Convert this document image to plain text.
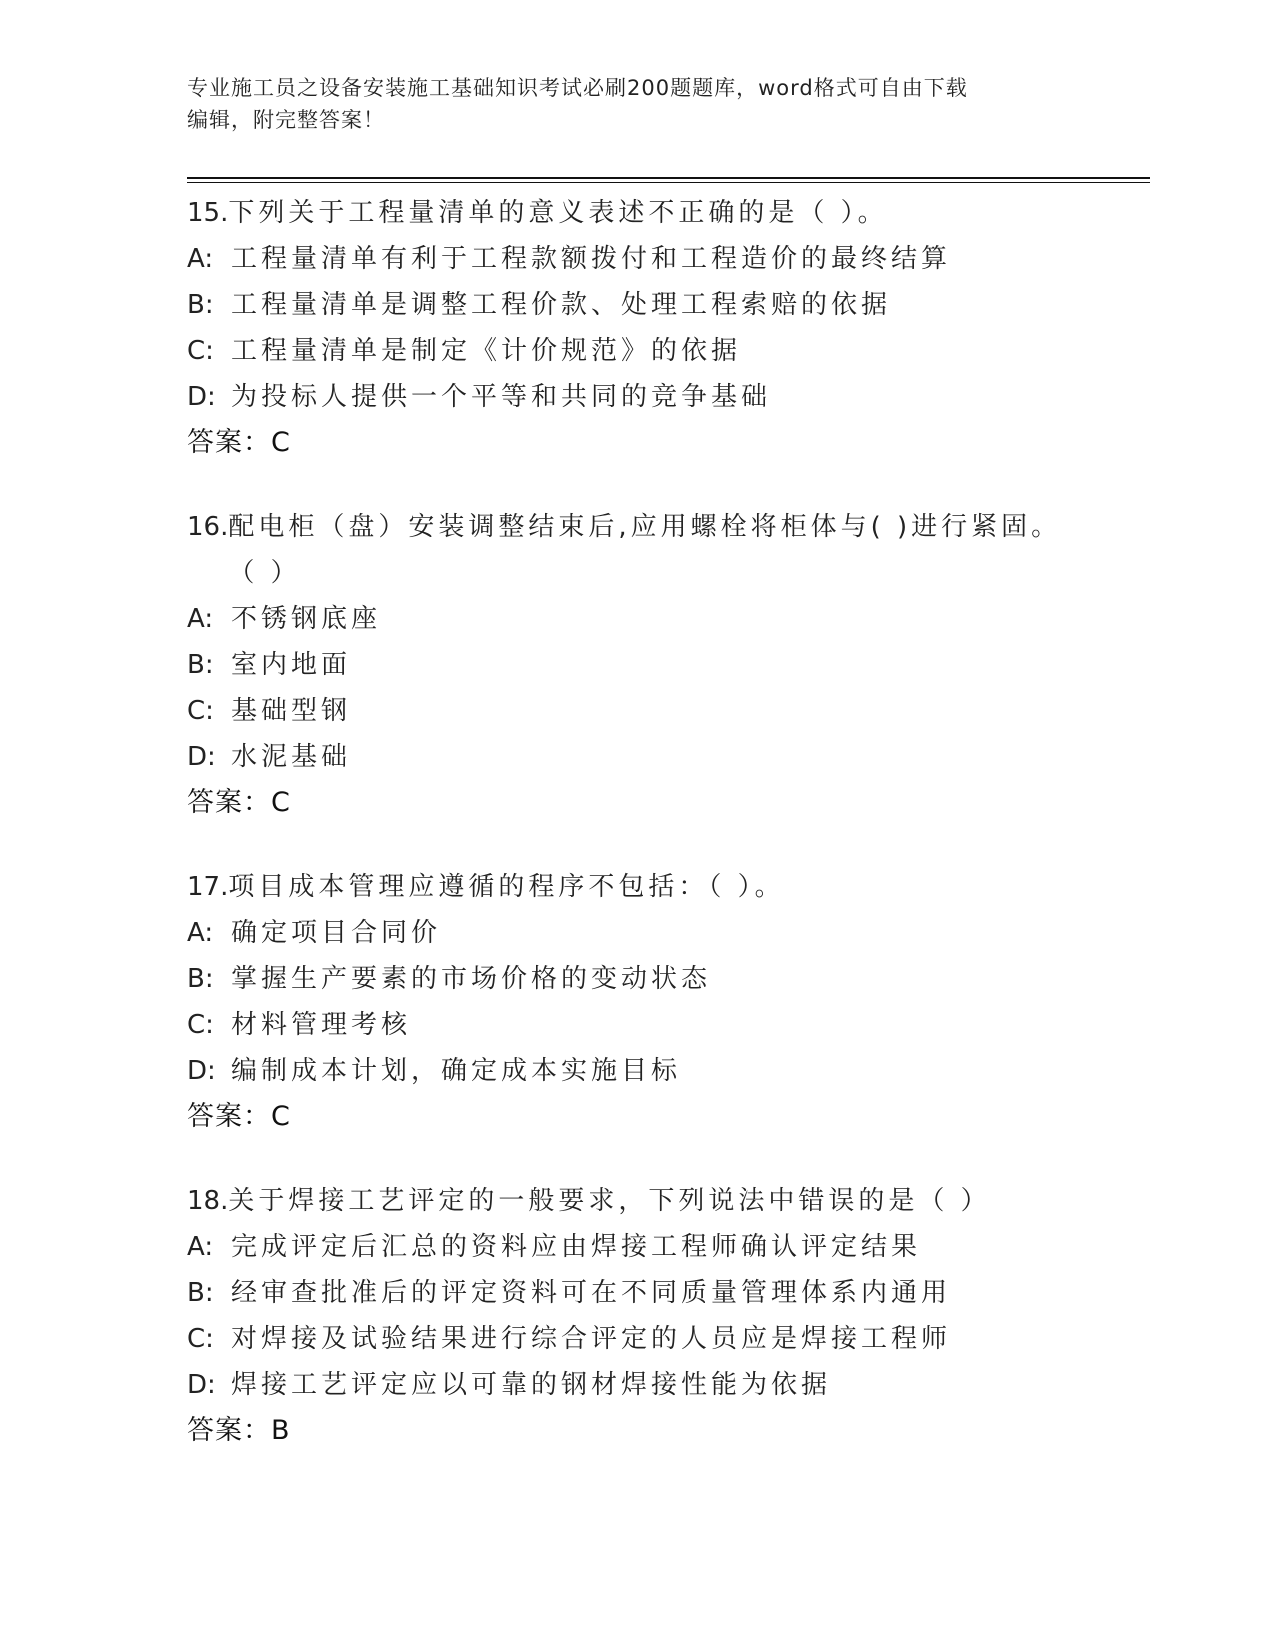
专业施工员之设备安装施工基础知识考试必刷200题题库，word格式可自由下载
编辑，附完整答案！
15. 下列关于工程量清单的意义表述不正确的是（ ）。
A: 工程量清单有利于工程款额拨付和工程造价的最终结算
B: 工程量清单是调整工程价款、处理工程索赔的依据
C: 工程量清单是制定《计价规范》的依据
D: 为投标人提供一个平等和共同的竞争基础
答案：C
16. 配电柜（盘）安装调整结束后,应用螺栓将柜体与( )进行紧固。（ ）
A: 不锈钢底座
B: 室内地面
C: 基础型钢
D: 水泥基础
答案：C
17. 项目成本管理应遵循的程序不包括：（ ）。
A: 确定项目合同价
B: 掌握生产要素的市场价格的变动状态
C: 材料管理考核
D: 编制成本计划，确定成本实施目标
答案：C
18. 关于焊接工艺评定的一般要求，下列说法中错误的是（ ）
A: 完成评定后汇总的资料应由焊接工程师确认评定结果
B: 经审查批准后的评定资料可在不同质量管理体系内通用
C: 对焊接及试验结果进行综合评定的人员应是焊接工程师
D: 焊接工艺评定应以可靠的钢材焊接性能为依据
答案：B
